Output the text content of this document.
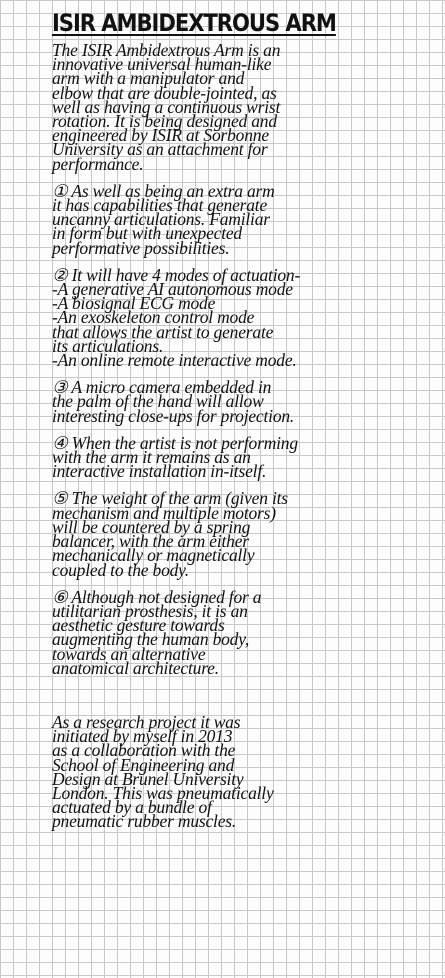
ISIR AMBIDEXTROUS ARM

The ISIR Ambidextrous Arm is an
innovative universal human-like
arm with a manipulator and
elbow that are double-jointed, as
well as having a continuous wrist
rotation. It is being designed and
engineered by ISIR at Sorbonne
University as an attachment for
performance.

① As well as being an extra arm
it has capabilities that generate
uncanny articulations. Familiar
in form but with unexpected
performative possibilities.

② It will have 4 modes of actuation-
-A generative AI autonomous mode
-A biosignal ECG mode
-An exoskeleton control mode
that allows the artist to generate
its articulations.
-An online remote interactive mode.

③ A micro camera embedded in
the palm of the hand will allow
interesting close-ups for projection.

④ When the artist is not performing
with the arm it remains as an
interactive installation in-itself.

⑤ The weight of the arm (given its
mechanism and multiple motors)
will be countered by a spring
balancer, with the arm either
mechanically or magnetically
coupled to the body.

⑥ Although not designed for a
utilitarian prosthesis, it is an
aesthetic gesture towards
augmenting the human body,
towards an alternative
anatomical architecture.

As a research project it was
initiated by myself in 2013
as a collaboration with the
School of Engineering and
Design at Brunel University
London. This was pneumatically
actuated by a bundle of
pneumatic rubber muscles.
